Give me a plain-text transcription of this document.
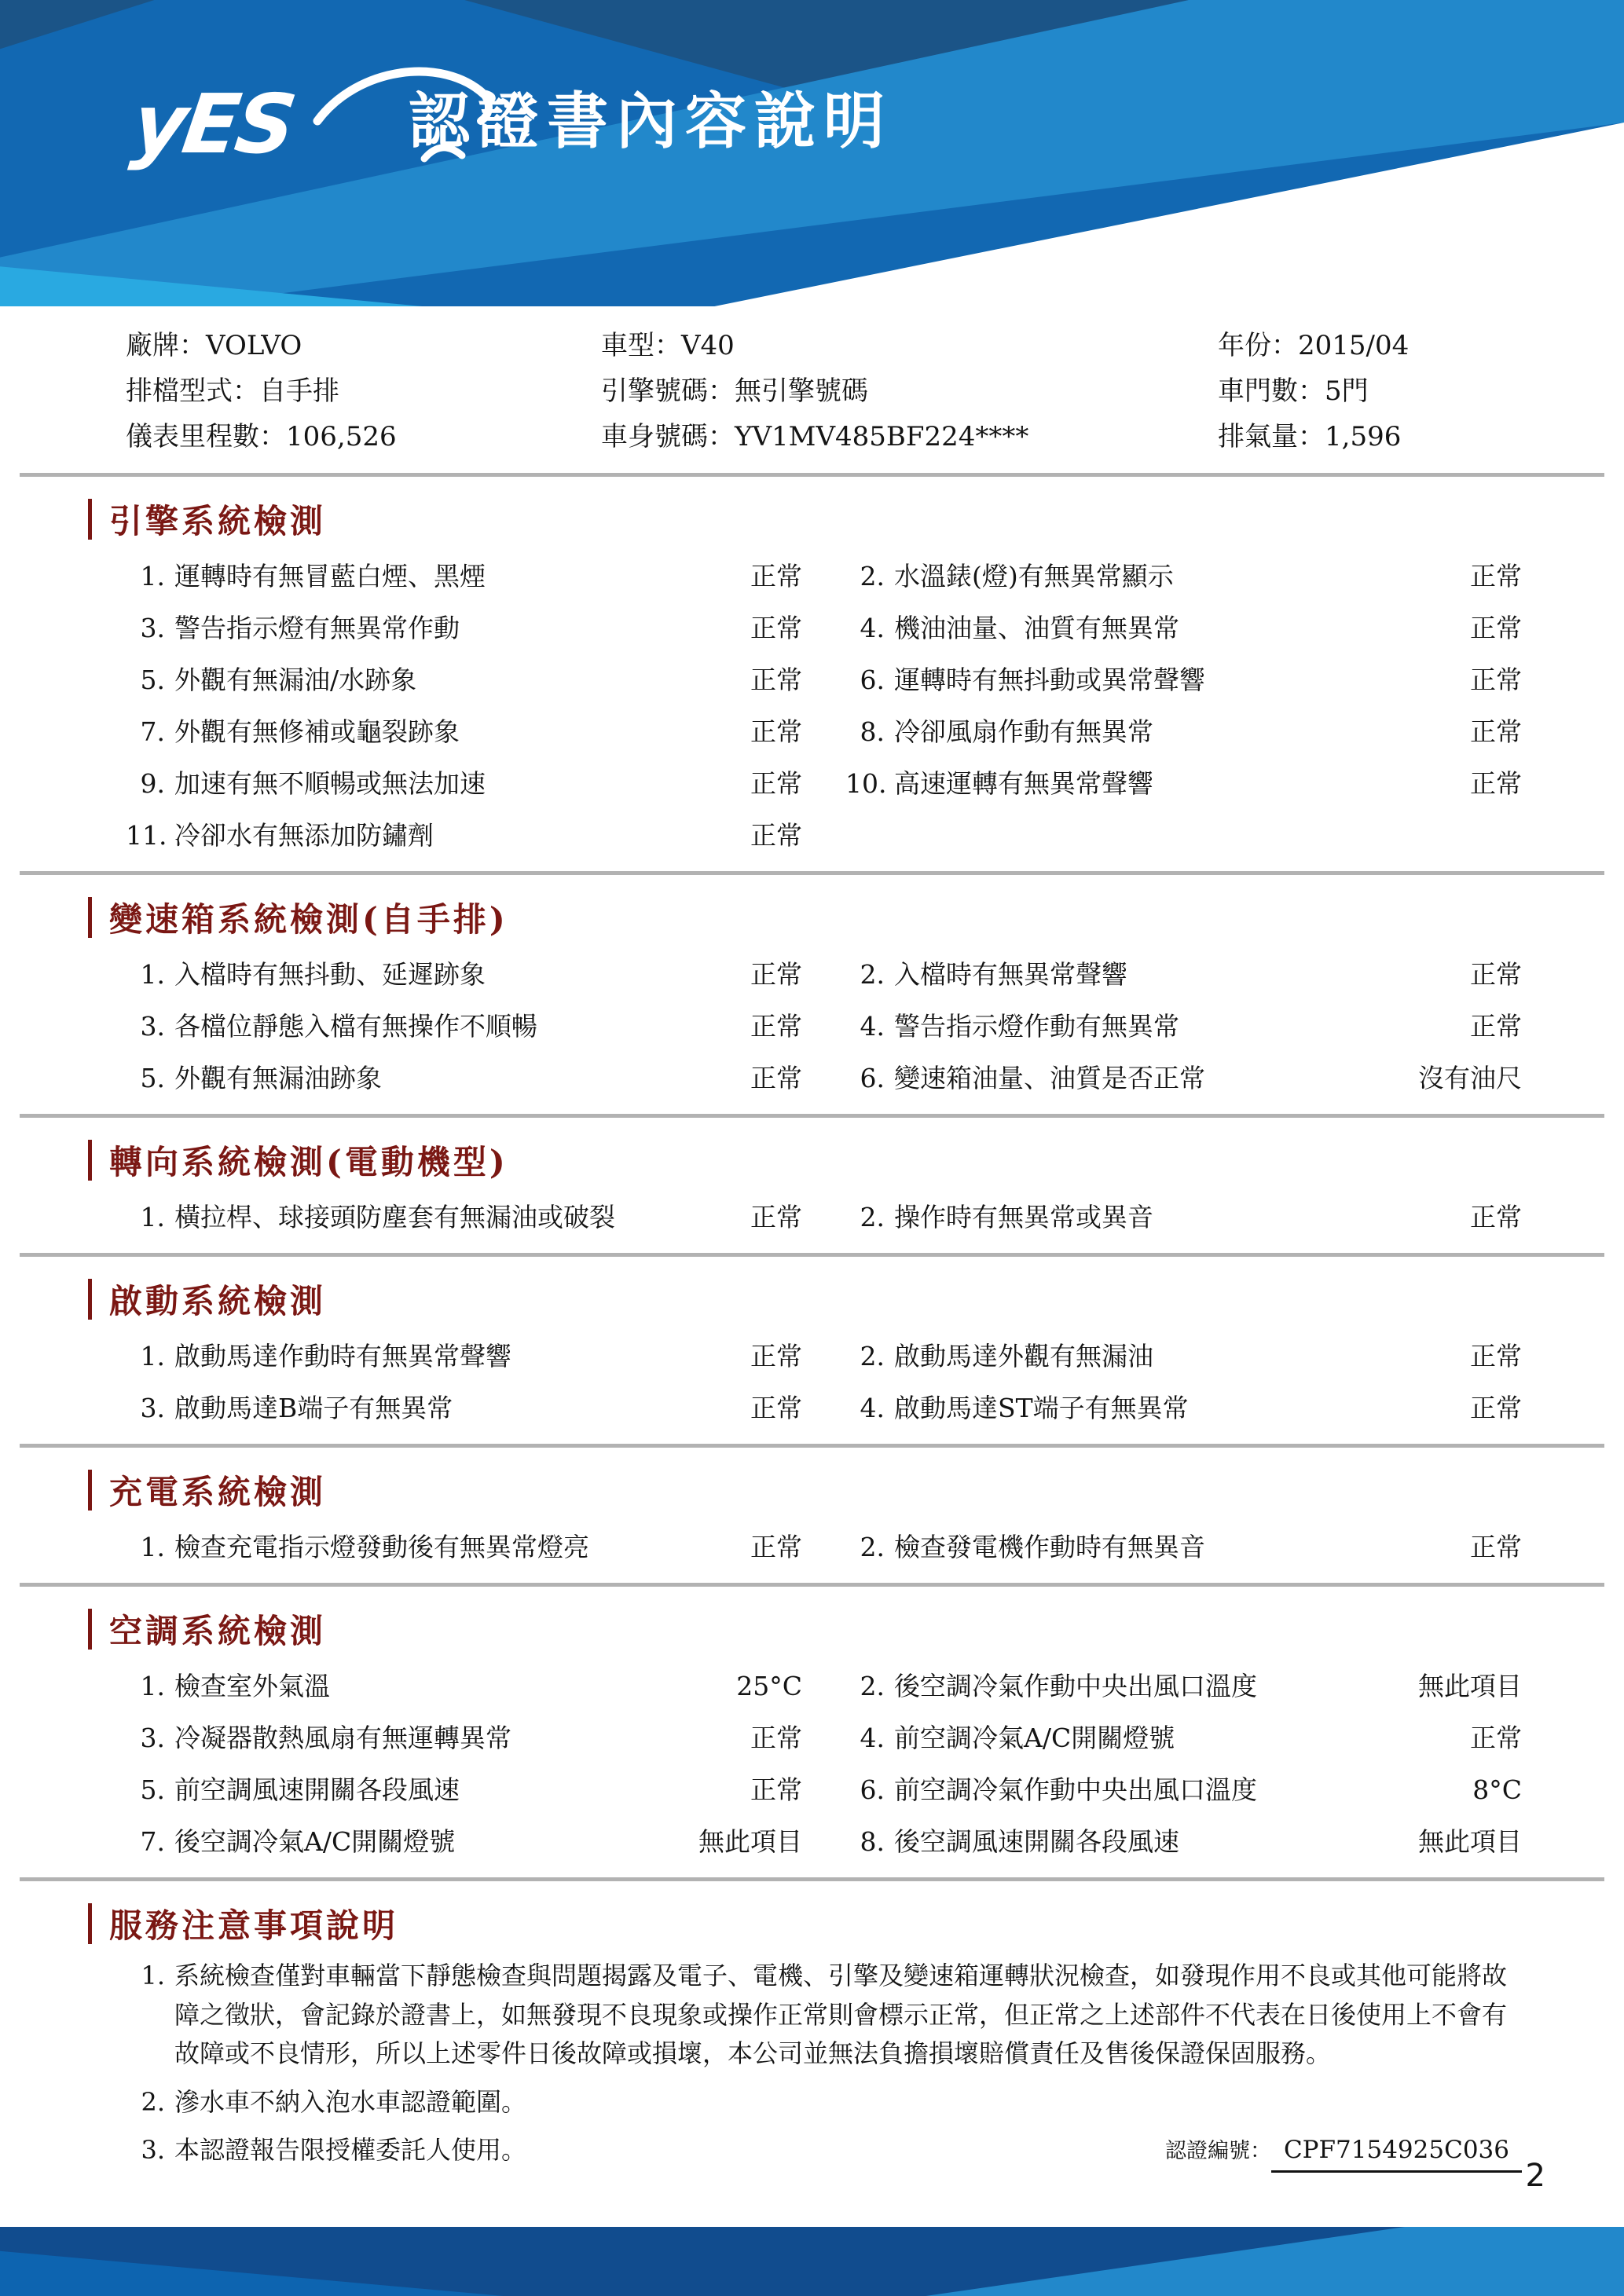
yES 認證書內容說明
廠牌：VOLVO	車型：V40	年份：2015/04
排檔型式：自手排	引擎號碼：無引擎號碼	車門數：5門
儀表里程數：106,526	車身號碼：YV1MV485BF224****	排氣量：1,596
引擎系統檢測
1. 運轉時有無冒藍白煙、黑煙	正常	2. 水溫錶(燈)有無異常顯示	正常
3. 警告指示燈有無異常作動	正常	4. 機油油量、油質有無異常	正常
5. 外觀有無漏油/水跡象	正常	6. 運轉時有無抖動或異常聲響	正常
7. 外觀有無修補或龜裂跡象	正常	8. 冷卻風扇作動有無異常	正常
9. 加速有無不順暢或無法加速	正常 10. 高速運轉有無異常聲響	正常
11. 冷卻水有無添加防鏽劑	正常
變速箱系統檢測(自手排)
1. 入檔時有無抖動、延遲跡象	正常	2. 入檔時有無異常聲響	正常
3. 各檔位靜態入檔有無操作不順暢	正常	4. 警告指示燈作動有無異常	正常
5. 外觀有無漏油跡象	正常	6. 變速箱油量、油質是否正常	沒有油尺
轉向系統檢測(電動機型)
1. 橫拉桿、球接頭防塵套有無漏油或破裂	正常	2. 操作時有無異常或異音	正常
啟動系統檢測
1. 啟動馬達作動時有無異常聲響	正常	2. 啟動馬達外觀有無漏油	正常
3. 啟動馬達B端子有無異常	正常	4. 啟動馬達ST端子有無異常	正常
充電系統檢測
1. 檢查充電指示燈發動後有無異常燈亮	正常	2. 檢查發電機作動時有無異音	正常
空調系統檢測
1. 檢查室外氣溫	25°C	2. 後空調冷氣作動中央出風口溫度	無此項目
3. 冷凝器散熱風扇有無運轉異常	正常	4. 前空調冷氣A/C開關燈號	正常
5. 前空調風速開關各段風速	正常	6. 前空調冷氣作動中央出風口溫度	8°C
7. 後空調冷氣A/C開關燈號	無此項目	8. 後空調風速開關各段風速	無此項目
服務注意事項說明
1. 系統檢查僅對車輛當下靜態檢查與問題揭露及電子、電機、引擎及變速箱運轉狀況檢查，如發現作用不良或其他可能將故障之徵狀，會記錄於證書上，如無發現不良現象或操作正常則會標示正常，但正常之上述部件不代表在日後使用上不會有故障或不良情形，所以上述零件日後故障或損壞，本公司並無法負擔損壞賠償責任及售後保證保固服務。
2. 滲水車不納入泡水車認證範圍。
3. 本認證報告限授權委託人使用。	認證編號： CPF7154925C036
2
